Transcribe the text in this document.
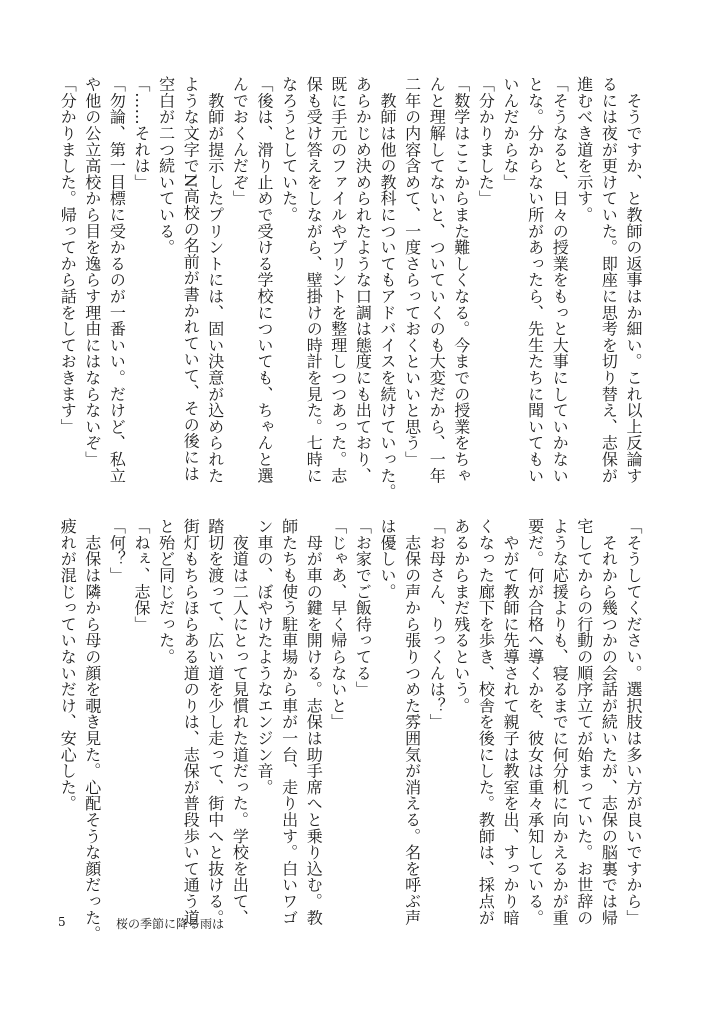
　そうですか、と教師の返事はか細い。これ以上反論す
るには夜が更けていた。即座に思考を切り替え、志保が
進むべき道を示す。
「そうなると、日々の授業をもっと大事にしていかない
とな。分からない所があったら、先生たちに聞いてもい
いんだからな」
「分かりました」
「数学はここからまた難しくなる。今までの授業をちゃ
んと理解してないと、ついていくのも大変だから、一年
二年の内容含めて、一度さらっておくといいと思う」
　教師は他の教科についてもアドバイスを続けていった。
あらかじめ決められたような口調は態度にも出ており、
既に手元のファイルやプリントを整理しつつあった。志
保も受け答えをしながら、壁掛けの時計を見た。七時に
なろうとしていた。
「後は、滑り止めで受ける学校についても、ちゃんと選
んでおくんだぞ」
　教師が提示したプリントには、固い決意が込められた
ような文字でN高校の名前が書かれていて、その後には
空白が二つ続いている。
「……それは」
「勿論、第一目標に受かるのが一番いい。だけど、私立
や他の公立高校から目を逸らす理由にはならないぞ」
「分かりました。帰ってから話をしておきます」
「そうしてください。選択肢は多い方が良いですから」
　それから幾つかの会話が続いたが、志保の脳裏では帰
宅してからの行動の順序立てが始まっていた。お世辞の
ような応援よりも、寝るまでに何分机に向かえるかが重
要だ。何が合格へ導くかを、彼女は重々承知している。
　やがて教師に先導されて親子は教室を出、すっかり暗
くなった廊下を歩き、校舎を後にした。教師は、採点が
あるからまだ残るという。
「お母さん、りっくんは？」
　志保の声から張りつめた雰囲気が消える。名を呼ぶ声
は優しい。
「お家でご飯待ってる」
「じゃあ、早く帰らないと」
　母が車の鍵を開ける。志保は助手席へと乗り込む。教
師たちも使う駐車場から車が一台、走り出す。白いワゴ
ン車の、ぼやけたようなエンジン音。
　夜道は二人にとって見慣れた道だった。学校を出て、
踏切を渡って、広い道を少し走って、街中へと抜ける。
街灯もちらほらある道のりは、志保が普段歩いて通う道
と殆ど同じだった。
「ねぇ、志保」
「何？」
　志保は隣から母の顔を覗き見た。心配そうな顔だった。
疲れが混じっていないだけ、安心した。
5	桜の季節に降る雨は
